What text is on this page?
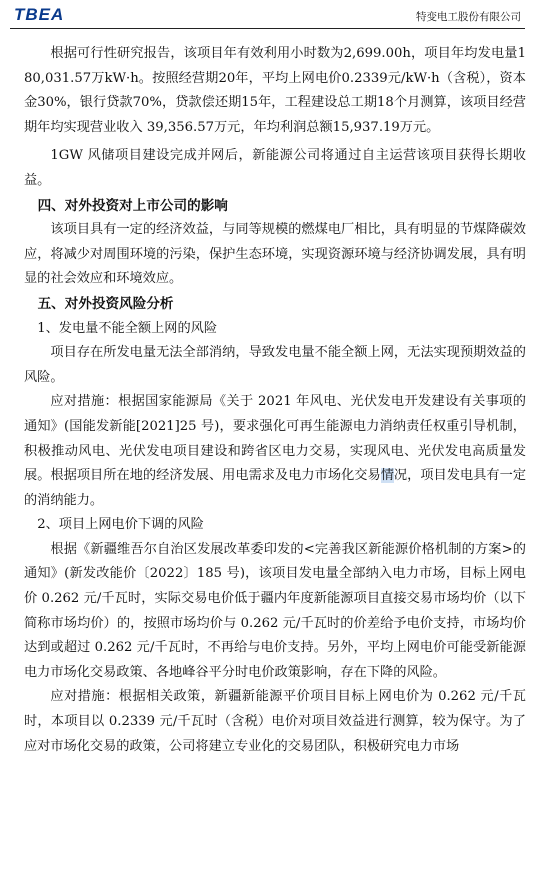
TBEA	特变电工股份有限公司

根据可行性研究报告，该项目年有效利用小时数为2,699.00h，项目年均发电量180,031.57万kW·h。按照经营期20年，平均上网电价0.2339元/kW·h（含税），资本金30%，银行贷款70%，贷款偿还期15年，工程建设总工期18个月测算，该项目经营期年均实现营业收入 39,356.57万元，年均利润总额15,937.19万元。

1GW 风储项目建设完成并网后，新能源公司将通过自主运营该项目获得长期收益。

四、对外投资对上市公司的影响

该项目具有一定的经济效益，与同等规模的燃煤电厂相比，具有明显的节煤降碳效应，将减少对周围环境的污染，保护生态环境，实现资源环境与经济协调发展，具有明显的社会效应和环境效应。

五、对外投资风险分析

1、发电量不能全额上网的风险

项目存在所发电量无法全部消纳，导致发电量不能全额上网，无法实现预期效益的风险。

应对措施：根据国家能源局《关于 2021 年风电、光伏发电开发建设有关事项的通知》(国能发新能[2021]25 号)，要求强化可再生能源电力消纳责任权重引导机制，积极推动风电、光伏发电项目建设和跨省区电力交易，实现风电、光伏发电高质量发展。根据项目所在地的经济发展、用电需求及电力市场化交易情况，项目发电具有一定的消纳能力。

2、项目上网电价下调的风险

根据《新疆维吾尔自治区发展改革委印发的<完善我区新能源价格机制的方案>的通知》(新发改能价〔2022〕185 号)，该项目发电量全部纳入电力市场，目标上网电价 0.262 元/千瓦时，实际交易电价低于疆内年度新能源项目直接交易市场均价（以下简称市场均价）的，按照市场均价与 0.262 元/千瓦时的价差给予电价支持，市场均价达到或超过 0.262 元/千瓦时，不再给与电价支持。另外，平均上网电价可能受新能源电力市场化交易政策、各地峰谷平分时电价政策影响，存在下降的风险。

应对措施：根据相关政策，新疆新能源平价项目目标上网电价为 0.262 元/千瓦时，本项目以 0.2339 元/千瓦时（含税）电价对项目效益进行测算，较为保守。为了应对市场化交易的政策，公司将建立专业化的交易团队，积极研究电力市场
